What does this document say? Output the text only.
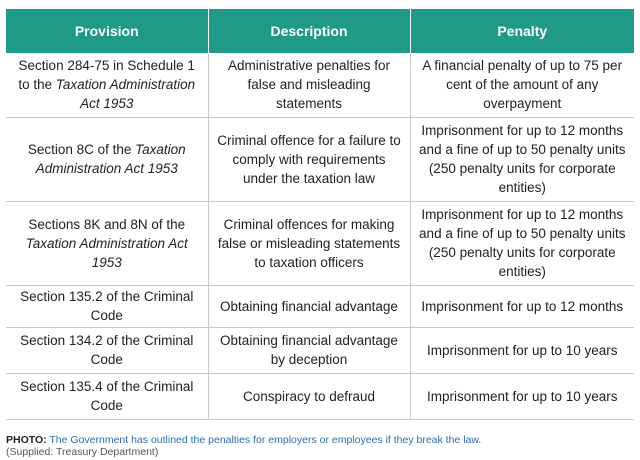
Provision	Description	Penalty
Section 284-75 in Schedule 1 to the Taxation Administration Act 1953	Administrative penalties for false and misleading statements	A financial penalty of up to 75 per cent of the amount of any overpayment
Section 8C of the Taxation Administration Act 1953	Criminal offence for a failure to comply with requirements under the taxation law	Imprisonment for up to 12 months and a fine of up to 50 penalty units (250 penalty units for corporate entities)
Sections 8K and 8N of the Taxation Administration Act 1953	Criminal offences for making false or misleading statements to taxation officers	Imprisonment for up to 12 months and a fine of up to 50 penalty units (250 penalty units for corporate entities)
Section 135.2 of the Criminal Code	Obtaining financial advantage	Imprisonment for up to 12 months
Section 134.2 of the Criminal Code	Obtaining financial advantage by deception	Imprisonment for up to 10 years
Section 135.4 of the Criminal Code	Conspiracy to defraud	Imprisonment for up to 10 years
PHOTO: The Government has outlined the penalties for employers or employees if they break the law.
(Supplied: Treasury Department)
